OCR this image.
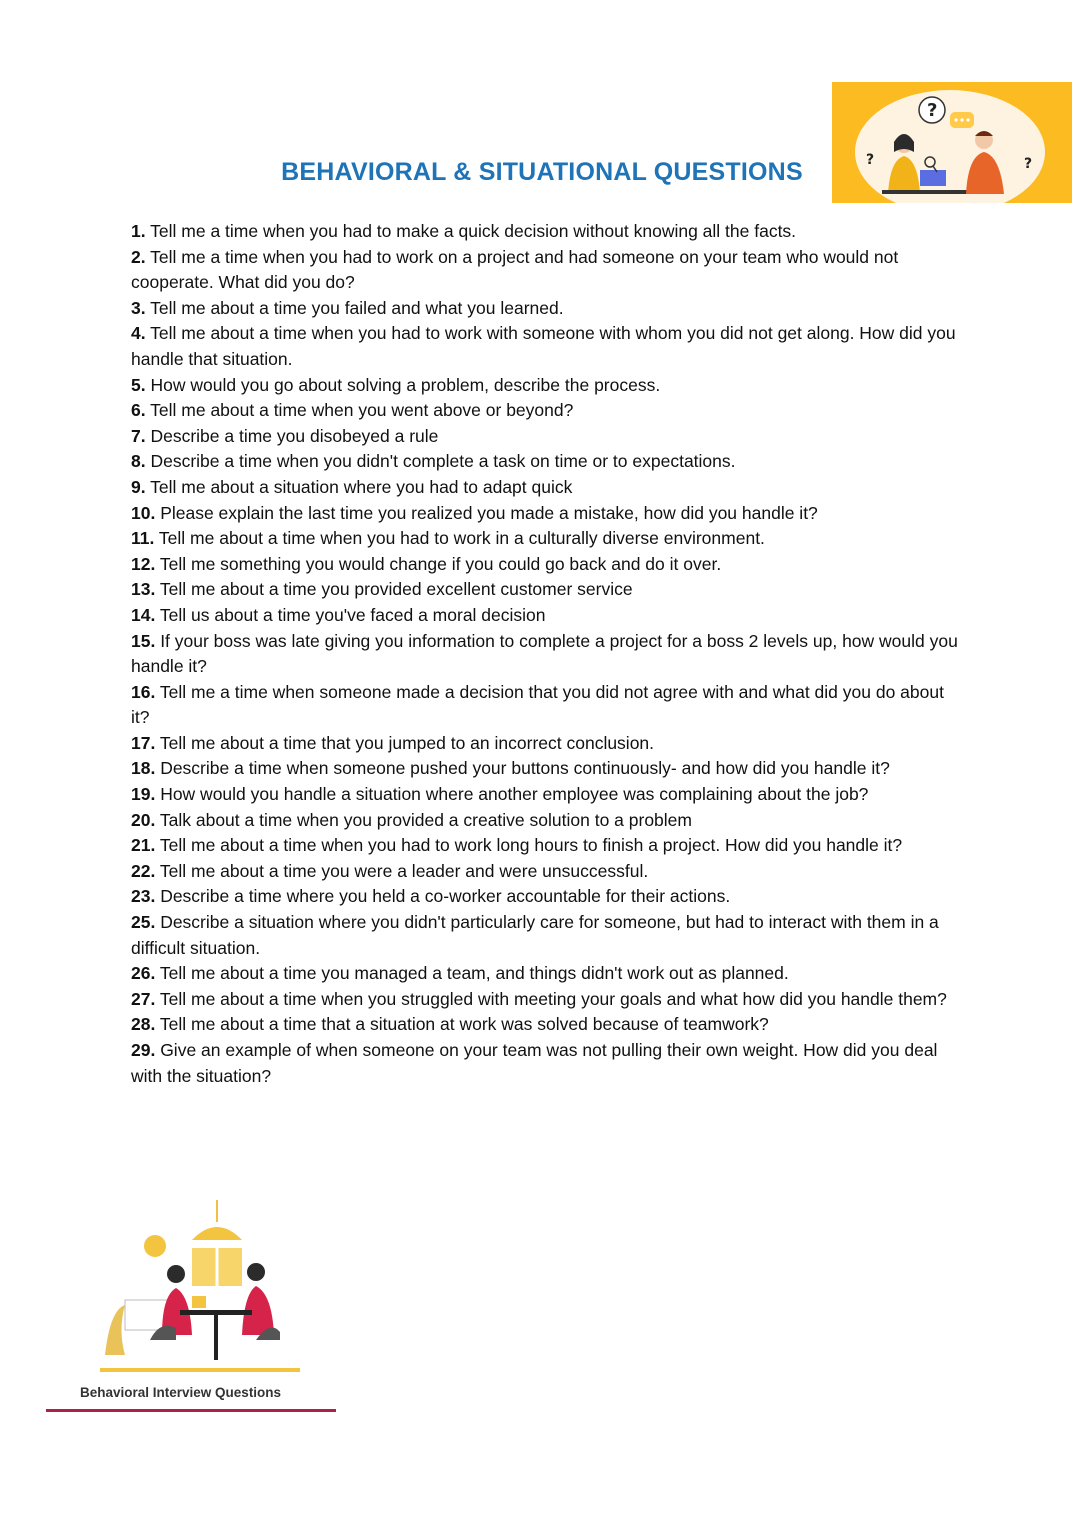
BEHAVIORAL & SITUATIONAL QUESTIONS
?
?	?

1. Tell me a time when you had to make a quick decision without knowing all the facts.

2. Tell me a time when you had to work on a project and had someone on your team who would not cooperate. What did you do?

3. Tell me about a time you failed and what you learned.

4. Tell me about a time when you had to work with someone with whom you did not get along. How did you handle that situation.

5. How would you go about solving a problem, describe the process.

6. Tell me about a time when you went above or beyond?

7. Describe a time you disobeyed a rule

8. Describe a time when you didn't complete a task on time or to expectations.

9. Tell me about a situation where you had to adapt quick

10. Please explain the last time you realized you made a mistake, how did you handle it?

11. Tell me about a time when you had to work in a culturally diverse environment.

12. Tell me something you would change if you could go back and do it over.

13. Tell me about a time you provided excellent customer service

14. Tell us about a time you've faced a moral decision

15. If your boss was late giving you information to complete a project for a boss 2 levels up, how would you handle it?

16. Tell me a time when someone made a decision that you did not agree with and what did you do about it?

17. Tell me about a time that you jumped to an incorrect conclusion.

18. Describe a time when someone pushed your buttons continuously- and how did you handle it?

19. How would you handle a situation where another employee was complaining about the job?

20. Talk about a time when you provided a creative solution to a problem

21. Tell me about a time when you had to work long hours to finish a project. How did you handle it?

22. Tell me about a time you were a leader and were unsuccessful.

23. Describe a time where you held a co-worker accountable for their actions.

25. Describe a situation where you didn't particularly care for someone, but had to interact with them in a difficult situation.

26. Tell me about a time you managed a team, and things didn't work out as planned.

27. Tell me about a time when you struggled with meeting your goals and what how did you handle them?

28. Tell me about a time that a situation at work was solved because of teamwork?

29. Give an example of when someone on your team was not pulling their own weight. How did you deal with the situation?

Behavioral Interview Questions
